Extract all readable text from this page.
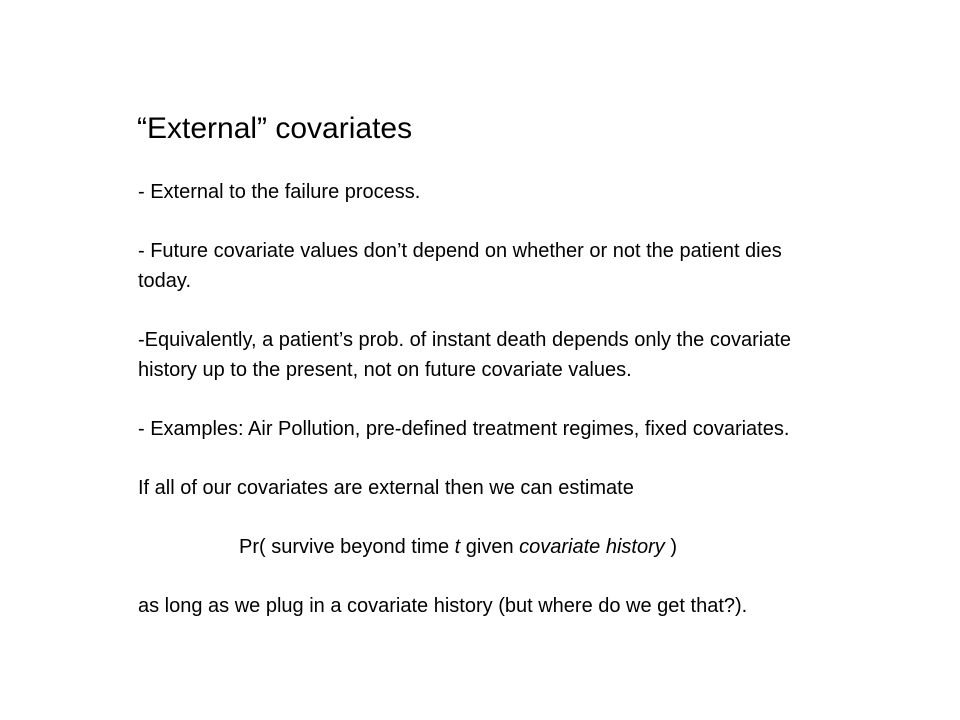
“External” covariates

- External to the failure process.

- Future covariate values don’t depend on whether or not the patient dies today.

-Equivalently, a patient’s prob. of instant death depends only the covariate history up to the present, not on future covariate values.

- Examples: Air Pollution, pre-defined treatment regimes, fixed covariates.

If all of our covariates are external then we can estimate

Pr( survive beyond time t given covariate history )

as long as we plug in a covariate history (but where do we get that?).
